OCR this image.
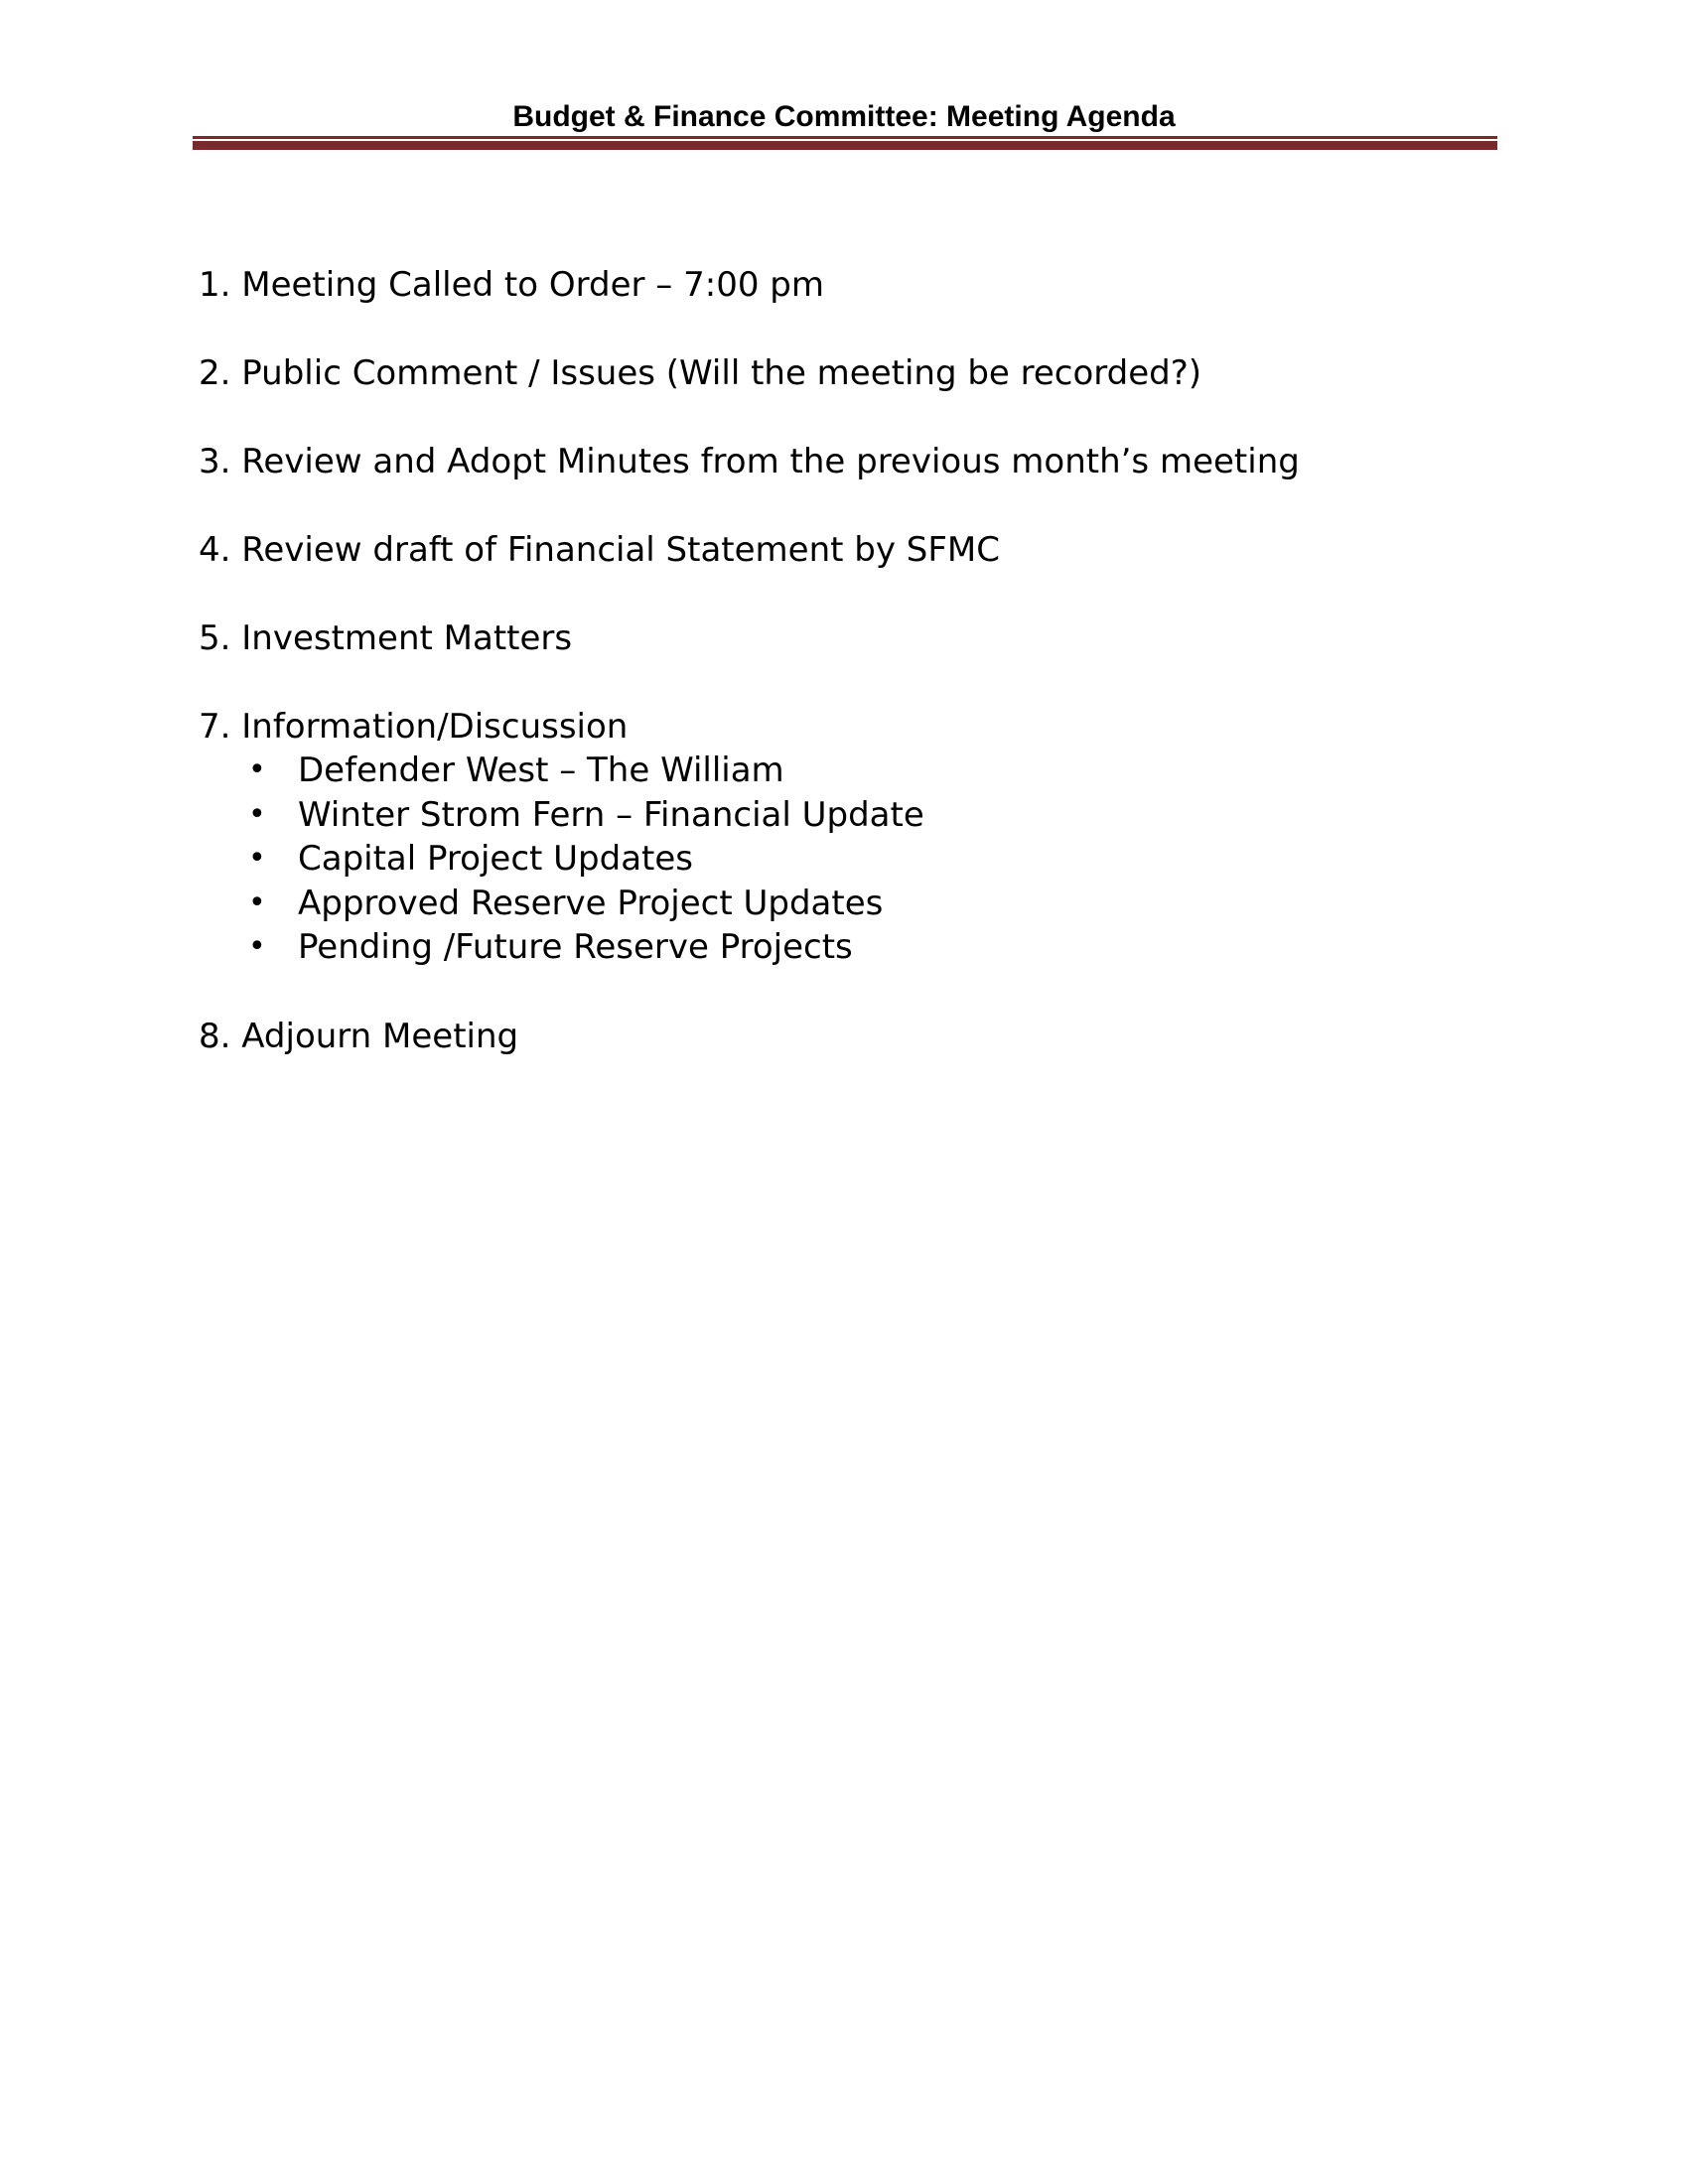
Budget & Finance Committee: Meeting Agenda
1. Meeting Called to Order – 7:00 pm
2. Public Comment / Issues (Will the meeting be recorded?)
3. Review and Adopt Minutes from the previous month’s meeting
4. Review draft of Financial Statement by SFMC
5. Investment Matters
7. Information/Discussion
• Defender West – The William
• Winter Strom Fern – Financial Update
• Capital Project Updates
• Approved Reserve Project Updates
• Pending /Future Reserve Projects
8. Adjourn Meeting
